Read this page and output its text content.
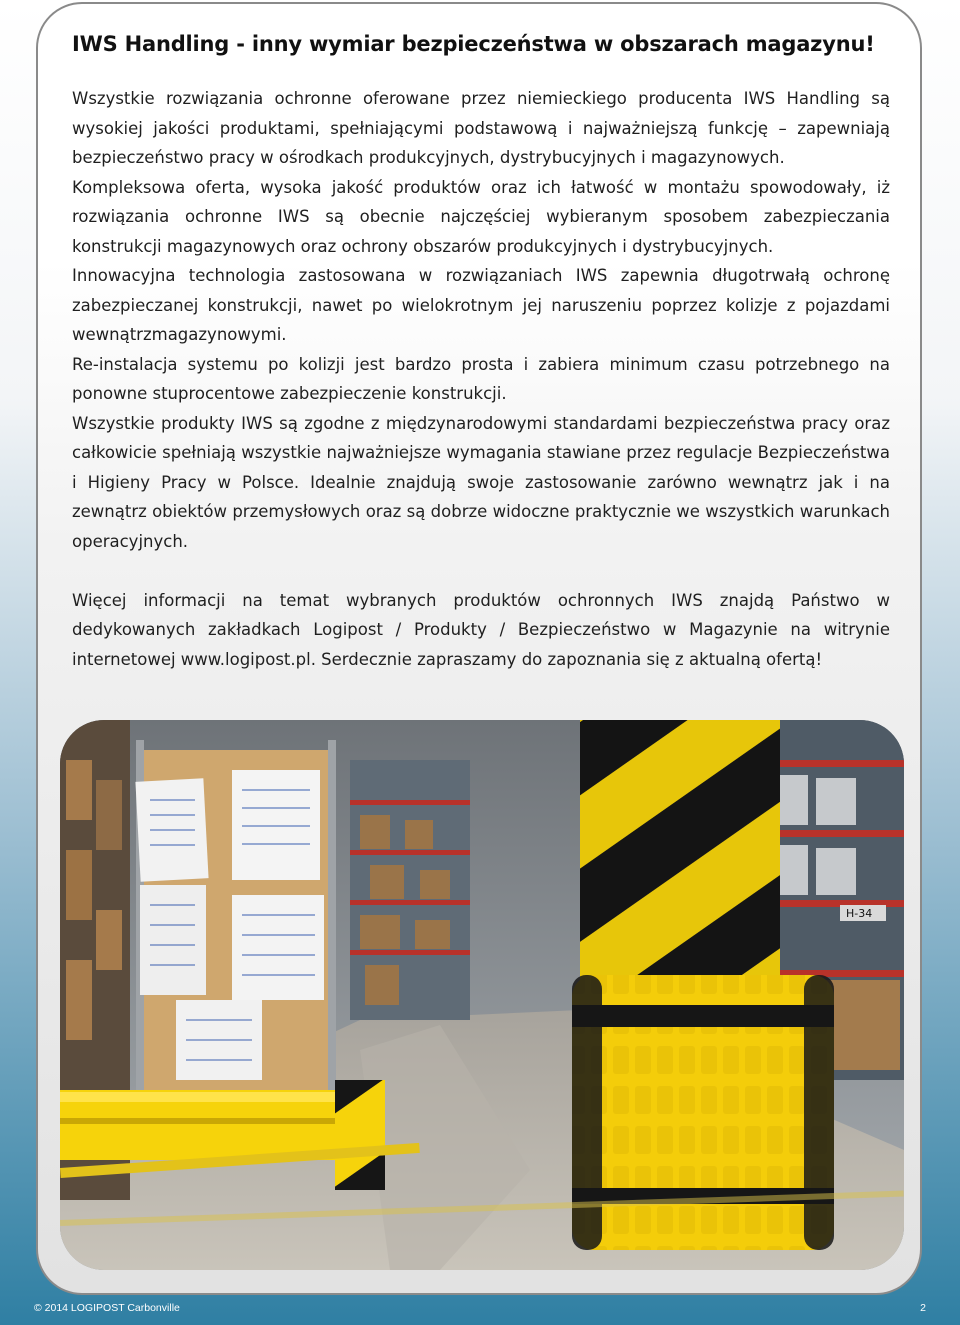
IWS Handling - inny wymiar bezpieczeństwa w obszarach magazynu!

Wszystkie rozwiązania ochronne oferowane przez niemieckiego producenta IWS Handling są wysokiej jakości produktami, spełniającymi podstawową i najważniejszą funkcję – zapewniają bezpieczeństwo pracy w ośrodkach produkcyjnych, dystrybucyjnych i magazynowych.

Kompleksowa oferta, wysoka jakość produktów oraz ich łatwość w montażu spowodowały, iż rozwiązania ochronne IWS są obecnie najczęściej wybieranym sposobem zabezpieczania konstrukcji magazynowych oraz ochrony obszarów produkcyjnych i dystrybucyjnych.

Innowacyjna technologia zastosowana w rozwiązaniach IWS zapewnia długotrwałą ochronę zabezpieczanej konstrukcji, nawet po wielokrotnym jej naruszeniu poprzez kolizje z pojazdami wewnątrzmagazynowymi.

Re-instalacja systemu po kolizji jest bardzo prosta i zabiera minimum czasu potrzebnego na ponowne stuprocentowe zabezpieczenie konstrukcji.

Wszystkie produkty IWS są zgodne z międzynarodowymi standardami bezpieczeństwa pracy oraz całkowicie spełniają wszystkie najważniejsze wymagania stawiane przez regulacje Bezpieczeństwa i Higieny Pracy w Polsce. Idealnie znajdują swoje zastosowanie zarówno wewnątrz jak i na zewnątrz obiektów przemysłowych oraz są dobrze widoczne praktycznie we wszystkich warunkach operacyjnych.

Więcej informacji na temat wybranych produktów ochronnych IWS znajdą Państwo w dedykowanych zakładkach Logipost / Produkty / Bezpieczeństwo w Magazynie na witrynie internetowej www.logipost.pl. Serdecznie zapraszamy do zapoznania się z aktualną ofertą!

H-34
© 2014 LOGIPOST Carbonville	2
